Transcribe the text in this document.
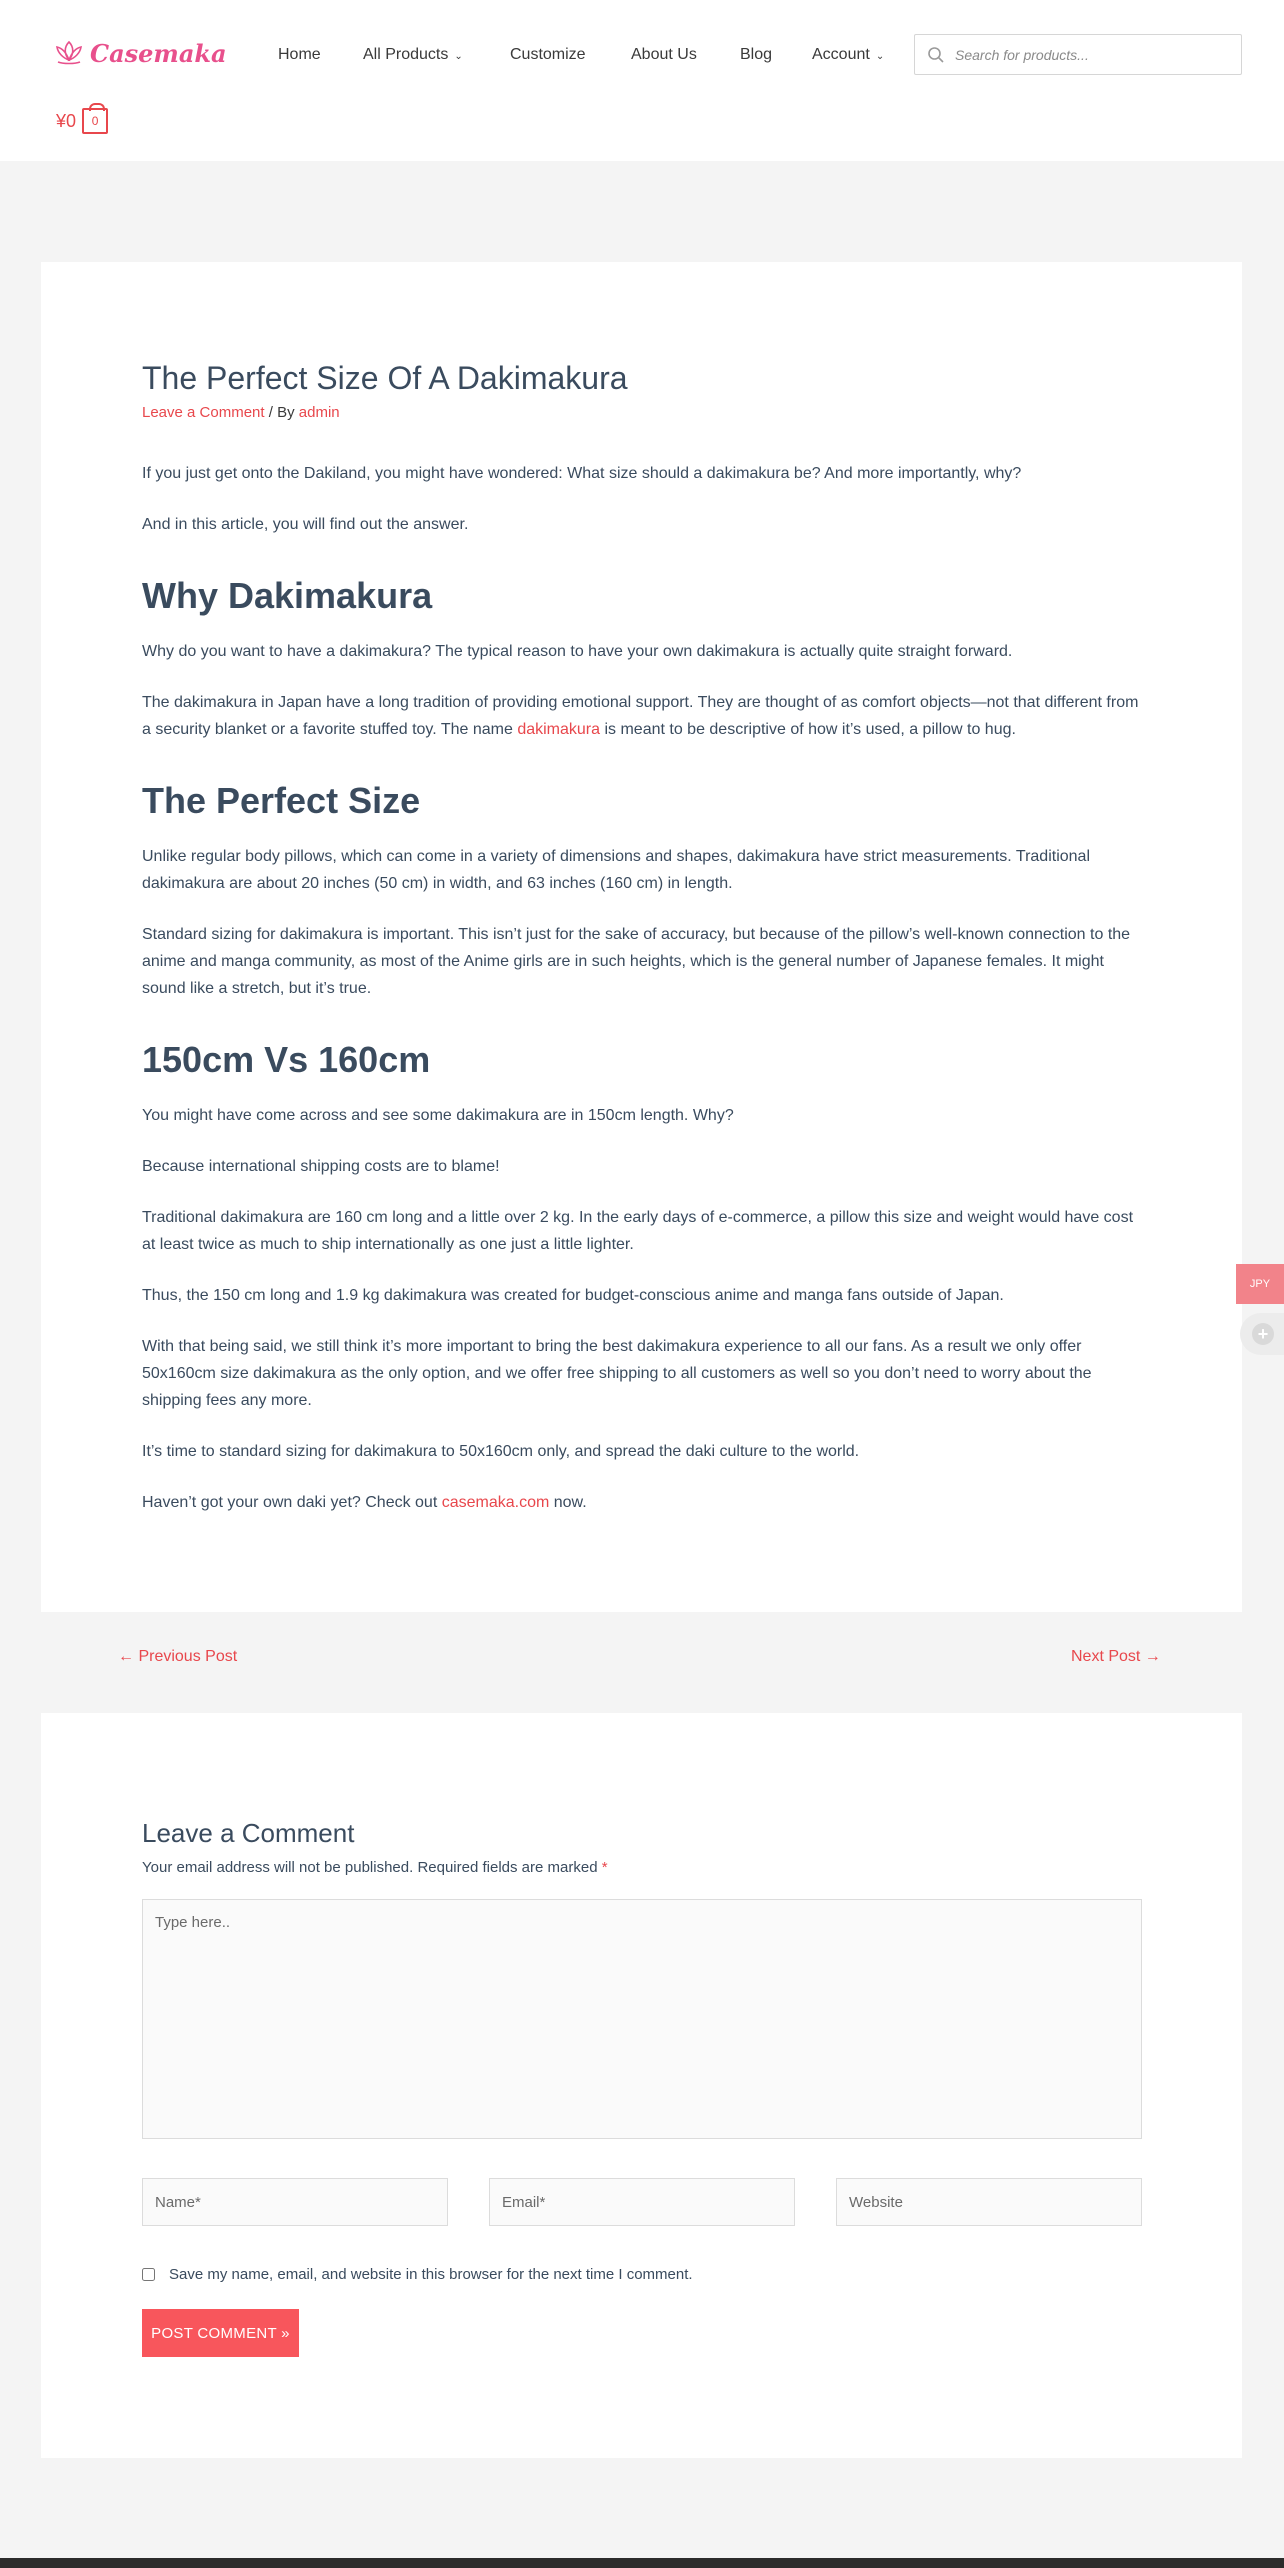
Casemaka	Home	All Products ⌄	Customize	About Us	Blog Account ⌄
Search for products...
¥0	0
The Perfect Size Of A Dakimakura
Leave a Comment / By admin

If you just get onto the Dakiland, you might have wondered: What size should a dakimakura be? And more importantly, why?

And in this article, you will find out the answer.

Why Dakimakura

Why do you want to have a dakimakura? The typical reason to have your own dakimakura is actually quite straight forward.

The dakimakura in Japan have a long tradition of providing emotional support. They are thought of as comfort objects—not that different from a security blanket or a favorite stuffed toy. The name dakimakura is meant to be descriptive of how it’s used, a pillow to hug.

The Perfect Size

Unlike regular body pillows, which can come in a variety of dimensions and shapes, dakimakura have strict measurements. Traditional dakimakura are about 20 inches (50 cm) in width, and 63 inches (160 cm) in length.

Standard sizing for dakimakura is important. This isn’t just for the sake of accuracy, but because of the pillow’s well-known connection to the anime and manga community, as most of the Anime girls are in such heights, which is the general number of Japanese females. It might sound like a stretch, but it’s true.

150cm Vs 160cm

You might have come across and see some dakimakura are in 150cm length. Why?

Because international shipping costs are to blame!

Traditional dakimakura are 160 cm long and a little over 2 kg. In the early days of e-commerce, a pillow this size and weight would have cost at least twice as much to ship internationally as one just a little lighter.

Thus, the 150 cm long and 1.9 kg dakimakura was created for budget-conscious anime and manga fans outside of Japan.

With that being said, we still think it’s more important to bring the best dakimakura experience to all our fans. As a result we only offer 50x160cm size dakimakura as the only option, and we offer free shipping to all customers as well so you don’t need to worry about the shipping fees any more.

It’s time to standard sizing for dakimakura to 50x160cm only, and spread the daki culture to the world.

Haven’t got your own daki yet? Check out casemaka.com now.

← Previous Post	Next Post →
Leave a Comment
Your email address will not be published. Required fields are marked *
Type here..
Name*
Email*
Website
Save my name, email, and website in this browser for the next time I comment.
POST COMMENT »
JPY
+
